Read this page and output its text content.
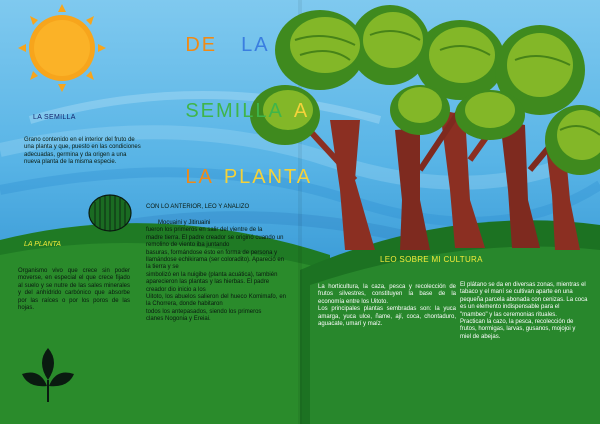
DE LA

SEMILLA A

LA PLANTA

LA SEMILLA
Grano contenido en el interior del fruto de una planta y que, puesto en las condiciones adecuadas, germina y da origen a una nueva planta de la misma especie.
LA PLANTA
Organismo vivo que crece sin poder moverse, en especial el que crece fijado al suelo y se nutre de las sales minerales y del anhídrido carbónico que absorbe por las raíces o por los poros de las hojas.
CON LO ANTERIOR, LEO Y ANALIZO
Mocuaini y Jitiruaini
fueron los primeros en salir del vientre de la
madre tierra. El padre creador se originó cuando un remolino de viento iba juntando
basuras, formándose ésto en forma de persona y llamándose echikirama (ser coloradito). Apareció en la tierra y se
simbolizó en la nuigibe (planta acuática), también aparecieron las plantas y las hierbas. El padre creador dio inicio a los
Uitoto, los abuelos salieron del hueco Komimafo, en la Chorrera, donde habitaron
todos los antepasados, siendo los primeros
clanes Nogonia y Ereiai.
LEO SOBRE MI CULTURA
La horticultura, la caza, pesca y recolección de frutos silvestres, constituyen la base de la economía entre los Uitoto.
Los principales plantas sembradas son: la yuca amarga, yuca ulce, ñame, ají, coca, chontaduro, aguacate, umarí y maíz.
El plátano se da en diversas zonas, mientras el tabaco y el maní se cultivan aparte en una pequeña parcela abonada con cenizas. La coca es un elemento indispensable para el "mambeo" y las ceremonias rituales.
Practican la cazo, la pesca, recolección de frutos, hormigas, larvas, gusanos, mojojoi y miel de abejas.
